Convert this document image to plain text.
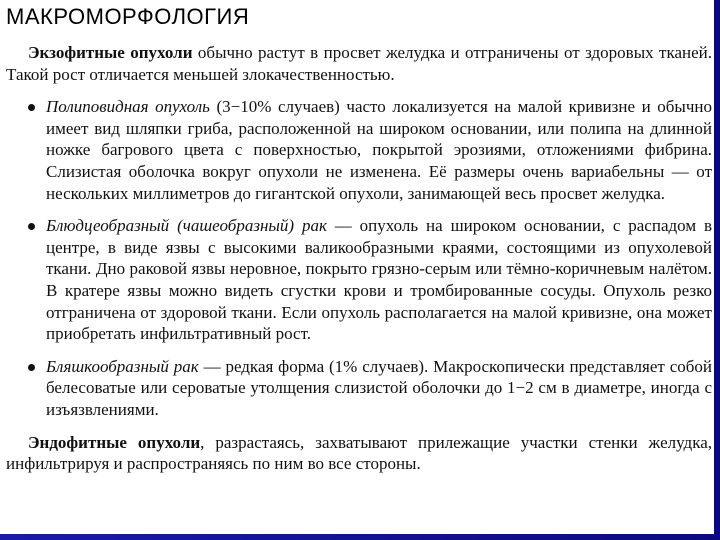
МАКРОМОРФОЛОГИЯ

Экзофитные опухоли обычно растут в просвет желудка и отграничены от здоровых тканей. Такой рост отличается меньшей злокачественностью.

Полиповидная опухоль (3−10% случаев) часто локализуется на малой кривизне и обычно имеет вид шляпки гриба, расположенной на широком основании, или полипа на длинной ножке багрового цвета с поверхностью, покрытой эрозиями, отложениями фибрина. Слизистая оболочка вокруг опухоли не изменена. Её размеры очень вариабельны — от нескольких миллиметров до гигантской опухоли, занимающей весь просвет желудка.

Блюдцеобразный (чашеобразный) рак — опухоль на широком основании, с распадом в центре, в виде язвы с высокими валикообразными краями, состоящими из опухолевой ткани. Дно раковой язвы неровное, покрыто грязно-серым или тёмно-коричневым налётом. В кратере язвы можно видеть сгустки крови и тромбированные сосуды. Опухоль резко отграничена от здоровой ткани. Если опухоль располагается на малой кривизне, она может приобретать инфильтративный рост.

Бляшкообразный рак — редкая форма (1% случаев). Макроскопически представляет собой белесоватые или сероватые утолщения слизистой оболочки до 1−2 см в диаметре, иногда с изъязвлениями.

Эндофитные опухоли, разрастаясь, захватывают прилежащие участки стенки желудка, инфильтрируя и распространяясь по ним во все стороны.
